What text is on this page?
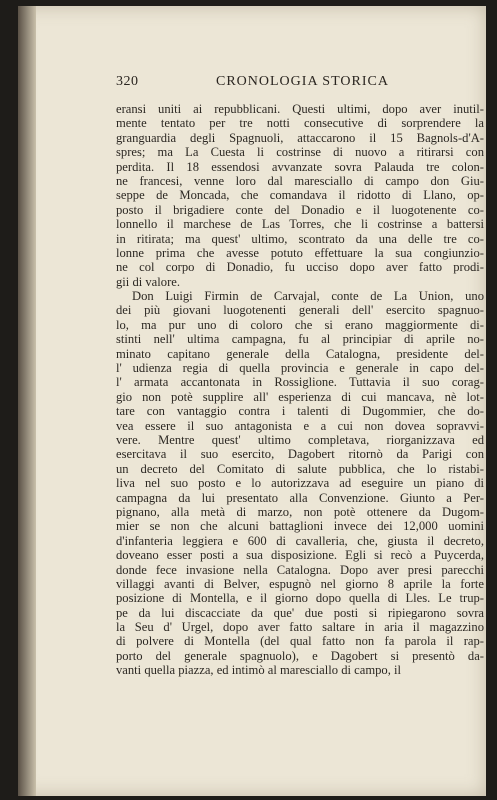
320	CRONOLOGIA STORICA
eransi uniti ai repubblicani. Questi ultimi, dopo aver inutil-
mente tentato per tre notti consecutive di sorprendere la
granguardia degli Spagnuoli, attaccarono il 15 Bagnols-d'A-
spres; ma La Cuesta li costrinse di nuovo a ritirarsi con
perdita. Il 18 essendosi avvanzate sovra Palauda tre colon-
ne francesi, venne loro dal maresciallo di campo don Giu-
seppe de Moncada, che comandava il ridotto di Llano, op-
posto il brigadiere conte del Donadio e il luogotenente co-
lonnello il marchese de Las Torres, che li costrinse a battersi
in ritirata; ma quest' ultimo, scontrato da una delle tre co-
lonne prima che avesse potuto effettuare la sua congiunzio-
ne col corpo di Donadio, fu ucciso dopo aver fatto prodi-
gii di valore.
Don Luigi Firmin de Carvajal, conte de La Union, uno
dei più giovani luogotenenti generali dell' esercito spagnuo-
lo, ma pur uno di coloro che si erano maggiormente di-
stinti nell' ultima campagna, fu al principiar di aprile no-
minato capitano generale della Catalogna, presidente del-
l' udienza regia di quella provincia e generale in capo del-
l' armata accantonata in Rossiglione. Tuttavia il suo corag-
gio non potè supplire all' esperienza di cui mancava, nè lot-
tare con vantaggio contra i talenti di Dugommier, che do-
vea essere il suo antagonista e a cui non dovea sopravvi-
vere. Mentre quest' ultimo completava, riorganizzava ed
esercitava il suo esercito, Dagobert ritornò da Parigi con
un decreto del Comitato di salute pubblica, che lo ristabi-
liva nel suo posto e lo autorizzava ad eseguire un piano di
campagna da lui presentato alla Convenzione. Giunto a Per-
pignano, alla metà di marzo, non potè ottenere da Dugom-
mier se non che alcuni battaglioni invece dei 12,000 uomini
d'infanteria leggiera e 600 di cavalleria, che, giusta il decreto,
doveano esser posti a sua disposizione. Egli si recò a Puycerda,
donde fece invasione nella Catalogna. Dopo aver presi parecchi
villaggi avanti di Belver, espugnò nel giorno 8 aprile la forte
posizione di Montella, e il giorno dopo quella di Lles. Le trup-
pe da lui discacciate da que' due posti si ripiegarono sovra
la Seu d' Urgel, dopo aver fatto saltare in aria il magazzino
di polvere di Montella (del qual fatto non fa parola il rap-
porto del generale spagnuolo), e Dagobert si presentò da-
vanti quella piazza, ed intimò al maresciallo di campo, il
